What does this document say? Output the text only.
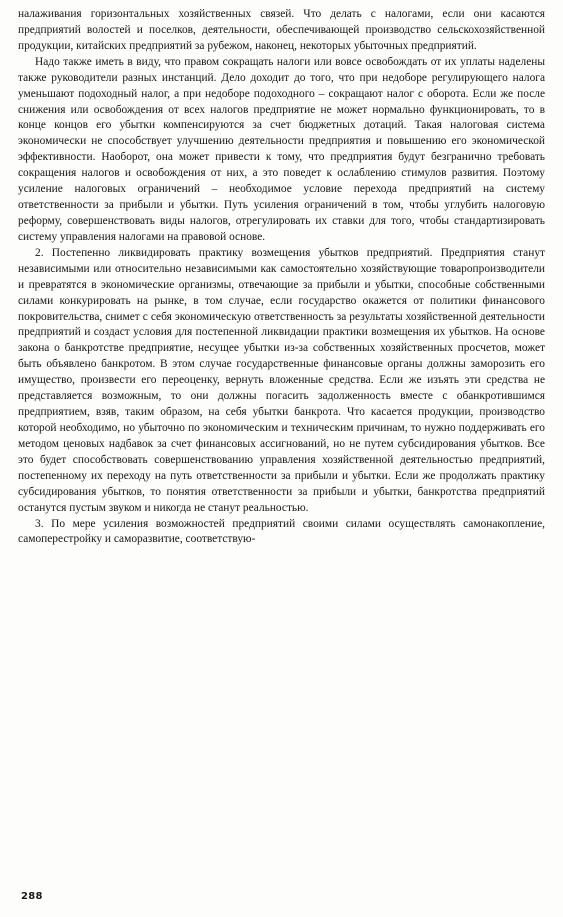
налаживания горизонтальных хозяйственных связей. Что делать с налогами, если они касаются предприятий волостей и поселков, деятельности, обеспечивающей производство сельскохозяйственной продукции, китайских предприятий за рубежом, наконец, некоторых убыточных предприятий.

Надо также иметь в виду, что правом сокращать налоги или вовсе освобождать от их уплаты наделены также руководители разных инстанций. Дело доходит до того, что при недоборе регулирующего налога уменьшают подоходный налог, а при недоборе подоходного – сокращают налог с оборота. Если же после снижения или освобождения от всех налогов предприятие не может нормально функционировать, то в конце концов его убытки компенсируются за счет бюджетных дотаций. Такая налоговая система экономически не способствует улучшению деятельности предприятия и повышению его экономической эффективности. Наоборот, она может привести к тому, что предприятия будут безграничнo требовать сокращения налогов и освобождения от них, а это поведет к ослаблению стимулов развития. Поэтому усиление налоговых ограничений – необходимое условие перехода предприятий на систему ответственности за прибыли и убытки. Путь усиления ограничений в том, чтобы углубить налоговую реформу, совершенствовать виды налогов, отрегулировать их ставки для того, чтобы стандартизировать систему управления налогами на правовой основе.

2. Постепенно ликвидировать практику возмещения убытков предприятий. Предприятия станут независимыми или относительно независимыми как самостоятельно хозяйствующие товаропроизводители и превратятся в экономические организмы, отвечающие за прибыли и убытки, способные собственными силами конкурировать на рынке, в том случае, если государство окажется от политики финансового покровительства, снимет с себя экономическую ответственность за результаты хозяйственной деятельности предприятий и создаст условия для постепенной ликвидации практики возмещения их убытков. На основе закона о банкротстве предприятие, несущее убытки из-за собственных хозяйственных просчетов, может быть объявлено банкротом. В этом случае государственные финансовые органы должны заморозить его имущество, произвести его переоценку, вернуть вложенные средства. Если же изъять эти средства не представляется возможным, то они должны погасить задолженность вместе с обанкротившимся предприятием, взяв, таким образом, на себя убытки банкрота. Что касается продукции, производство которой необходимо, но убыточно по экономическим и техническим причинам, то нужно поддерживать его методом ценовых надбавок за счет финансовых ассигнований, но не путем субсидирования убытков. Все это будет способствовать совершенствованию управления хозяйственной деятельностью предприятий, постепенному их переходу на путь ответственности за прибыли и убытки. Если же продолжать практику субсидирования убытков, то понятия ответственности за прибыли и убытки, банкротства предприятий останутся пустым звуком и никогда не станут реальностью.

3. По мере усиления возможностей предприятий своими силами осуществлять самонакопление, самоперестройку и саморазвитие, соответствую-

288
